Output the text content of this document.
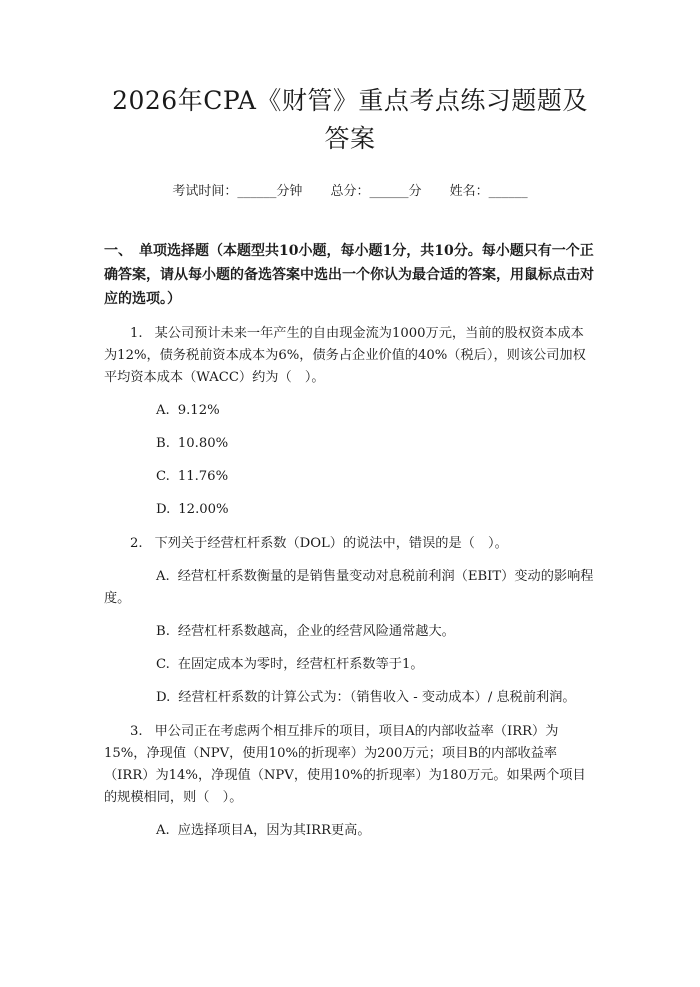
2026年CPA《财管》重点考点练习题题及答案
考试时间：______分钟 总分：______分 姓名：______
一、　单项选择题（本题型共10小题，每小题1分，共10分。每小题只有一个正确答案，请从每小题的备选答案中选出一个你认为最合适的答案，用鼠标点击对应的选项。）
1. 某公司预计未来一年产生的自由现金流为1000万元，当前的股权资本成本为12%，债务税前资本成本为6%，债务占企业价值的40%（税后），则该公司加权平均资本成本（WACC）约为（　）。
A. 9.12%
B. 10.80%
C. 11.76%
D. 12.00%
2. 下列关于经营杠杆系数（DOL）的说法中，错误的是（　）。
A. 经营杠杆系数衡量的是销售量变动对息税前利润（EBIT）变动的影响程度。
B. 经营杠杆系数越高，企业的经营风险通常越大。
C. 在固定成本为零时，经营杠杆系数等于1。
D. 经营杠杆系数的计算公式为：（销售收入 - 变动成本）/ 息税前利润。
3. 甲公司正在考虑两个相互排斥的项目，项目A的内部收益率（IRR）为15%，净现值（NPV，使用10%的折现率）为200万元；项目B的内部收益率（IRR）为14%，净现值（NPV，使用10%的折现率）为180万元。如果两个项目的规模相同，则（　）。
A. 应选择项目A，因为其IRR更高。
